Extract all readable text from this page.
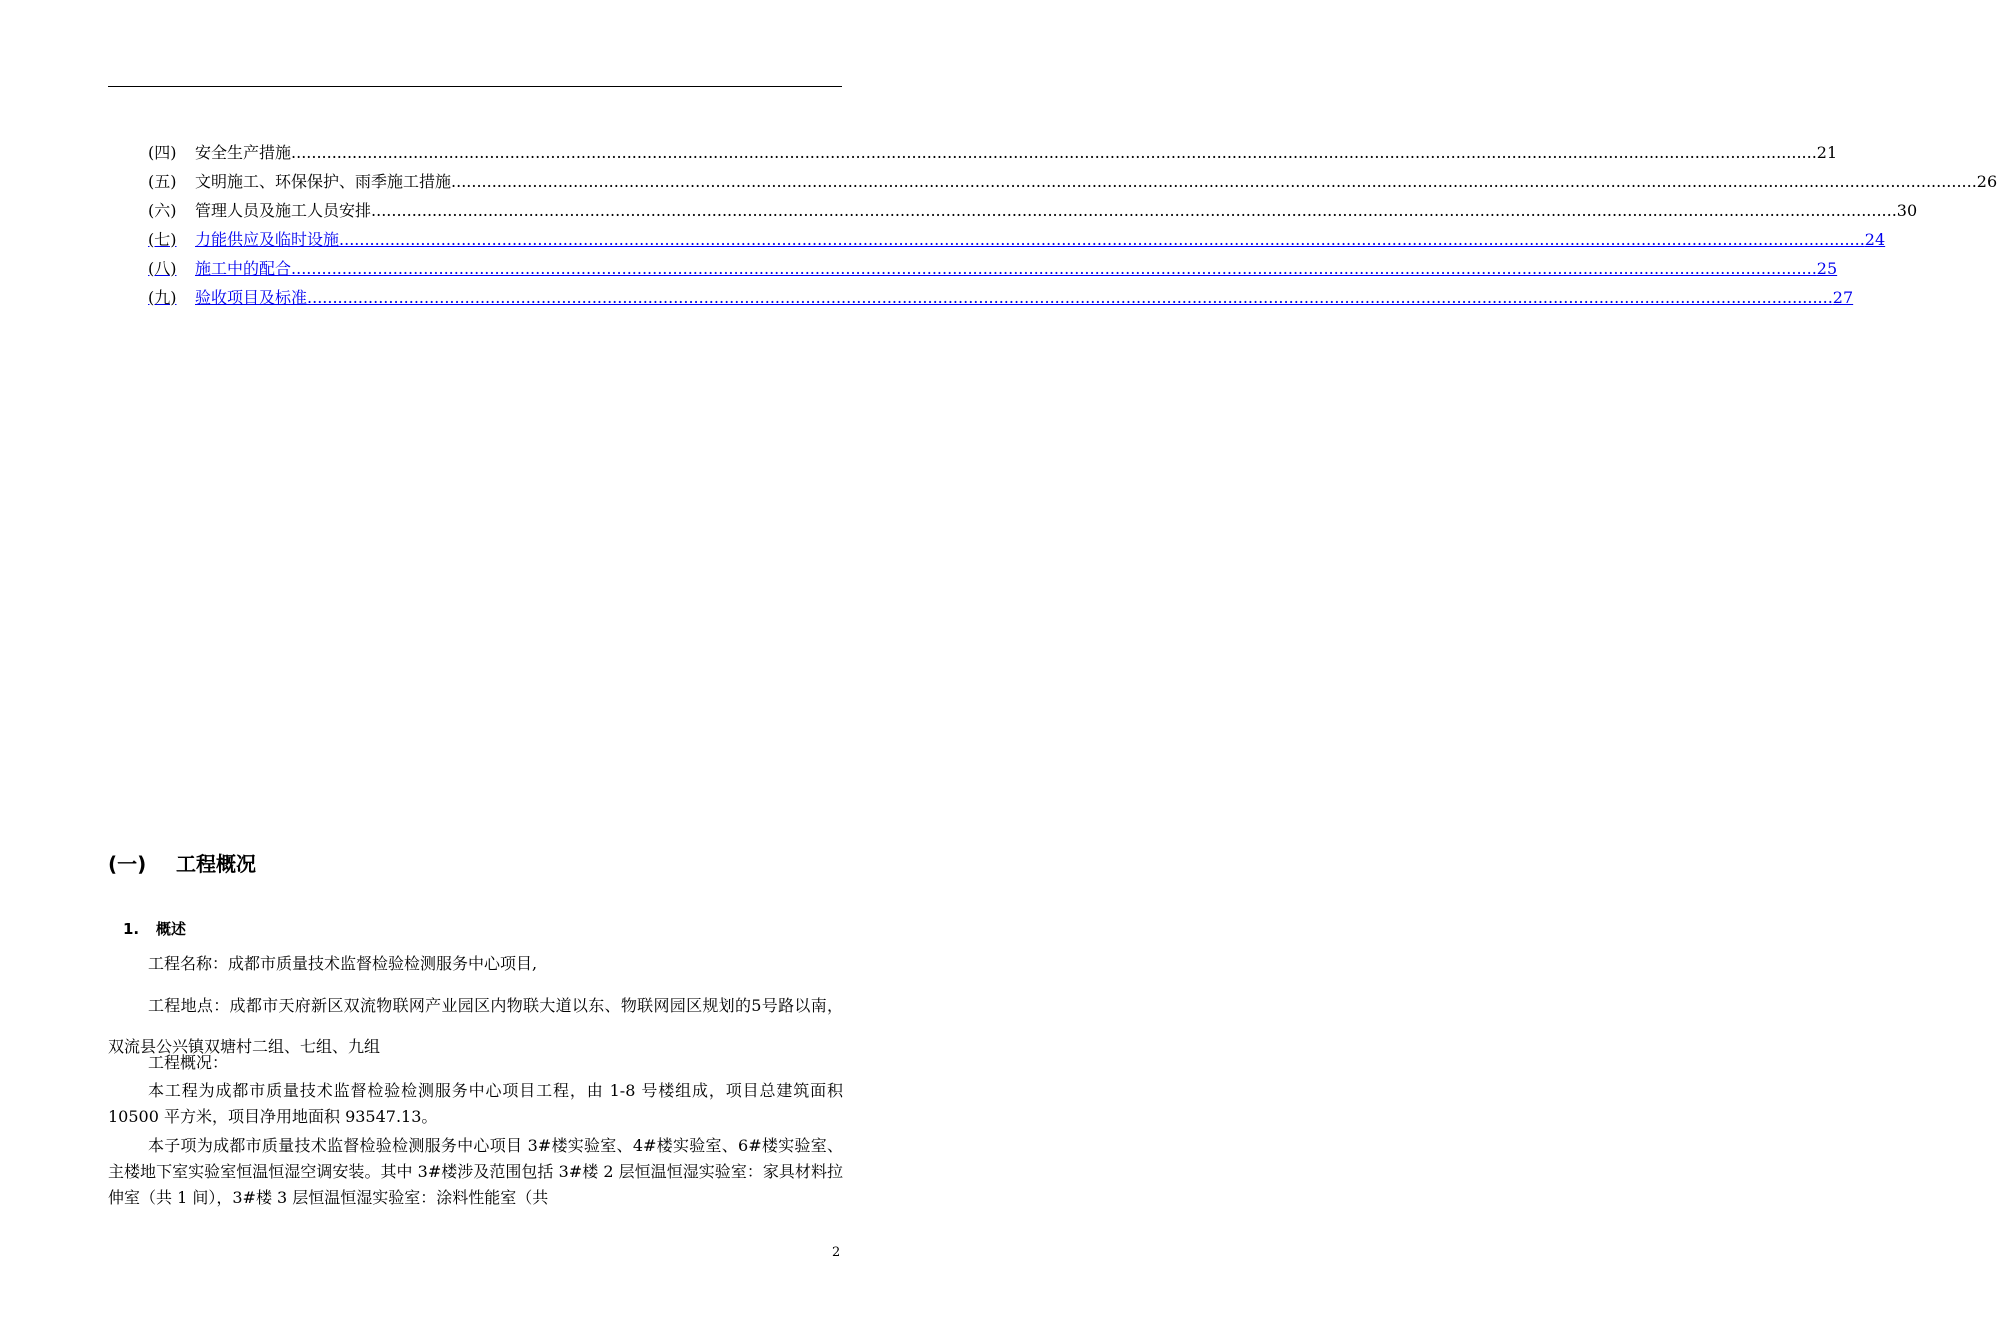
(四)	安全生产措施 ............................................................................................................................................................................................................................................................................................................ 21
(五)	文明施工、环保保护、雨季施工措施 ............................................................................................................................................................................................................................................................................................................ 26
(六)	管理人员及施工人员安排 ............................................................................................................................................................................................................................................................................................................ 30
(七)	力能供应及临时设施 ............................................................................................................................................................................................................................................................................................................ 24
(八)	施工中的配合 ............................................................................................................................................................................................................................................................................................................ 25
(九)	验收项目及标准 ............................................................................................................................................................................................................................................................................................................ 27
(一) 工程概况
1. 概述
工程名称：成都市质量技术监督检验检测服务中心项目,
工程地点：成都市天府新区双流物联网产业园区内物联大道以东、物联网园区规划的5号路以南，双流县公兴镇双塘村二组、七组、九组
工程概况：
本工程为成都市质量技术监督检验检测服务中心项目工程，由 1-8 号楼组成，项目总建筑面积 10500 平方米，项目净用地面积 93547.13。
本子项为成都市质量技术监督检验检测服务中心项目 3#楼实验室、4#楼实验室、6#楼实验室、主楼地下室实验室恒温恒湿空调安装。其中 3#楼涉及范围包括 3#楼 2 层恒温恒湿实验室：家具材料拉伸室（共 1 间），3#楼 3 层恒温恒湿实验室：涂料性能室（共
2
